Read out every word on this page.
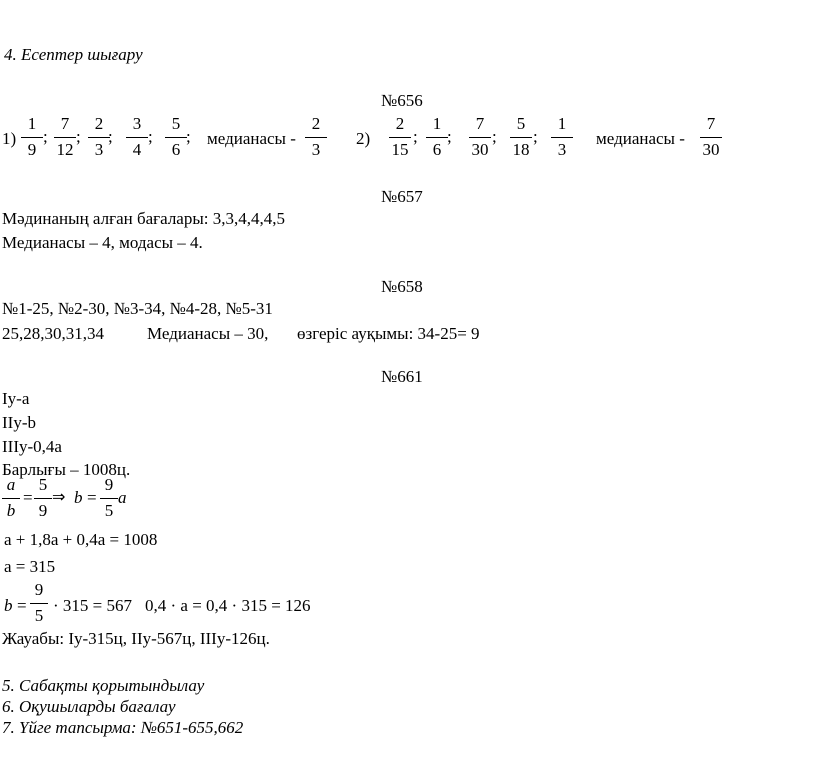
4. Есептер шығару
№656
1)
1
9
;
7
12
;
2
3
;
3
4
;
5
6
; медианасы -
2
3
2)
2
15
;
1
6
;
7
30
;
5
18
;
1
3
медианасы -
7
30
№657
Мәдинаның алған бағалары: 3,3,4,4,4,5
Медианасы – 4, модасы – 4.
№658
№1-25, №2-30, №3-34, №4-28, №5-31
25,28,30,31,34	Медианасы – 30, өзгеріс ауқымы: 34-25= 9
№661
Іу-а
ІІу-b
ІІІу-0,4а
Барлығы – 1008ц.
a
b
=
5
9
⇒ b =
9
5
a
a + 1,8a + 0,4a = 1008
a = 315
b =
9
5
· 315 = 567 0,4 · a = 0,4 · 315 = 126
Жауабы: Іу-315ц, ІІу-567ц, ІІІу-126ц.
5. Сабақты қорытындылау
6. Оқушыларды бағалау
7. Үйге тапсырма: №651-655,662
